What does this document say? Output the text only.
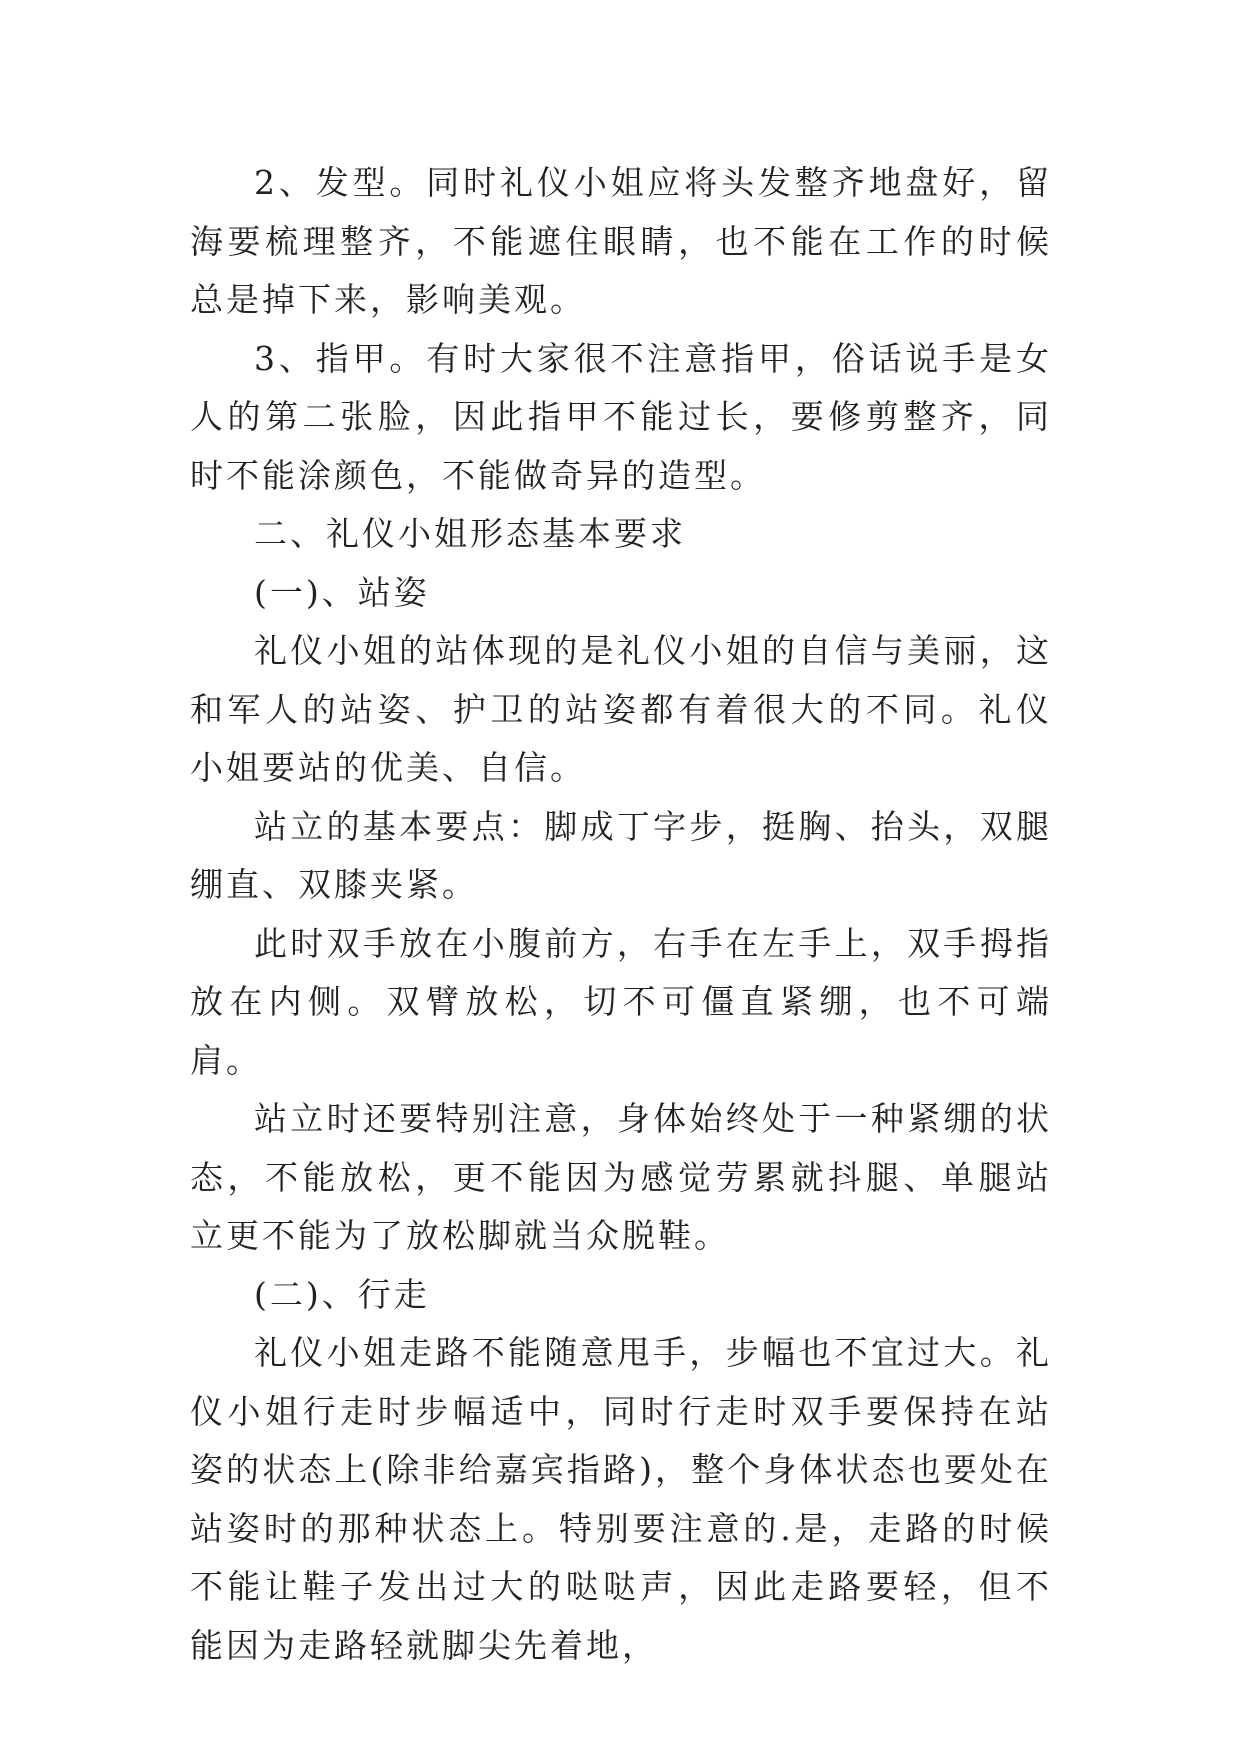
2、发型。同时礼仪小姐应将头发整齐地盘好，留海要梳理整齐，不能遮住眼睛，也不能在工作的时候总是掉下来，影响美观。

3、指甲。有时大家很不注意指甲，俗话说手是女人的第二张脸，因此指甲不能过长，要修剪整齐，同时不能涂颜色，不能做奇异的造型。

二、礼仪小姐形态基本要求

(一)、站姿

礼仪小姐的站体现的是礼仪小姐的自信与美丽，这和军人的站姿、护卫的站姿都有着很大的不同。礼仪小姐要站的优美、自信。

站立的基本要点：脚成丁字步，挺胸、抬头，双腿绷直、双膝夹紧。

此时双手放在小腹前方，右手在左手上，双手拇指放在内侧。双臂放松，切不可僵直紧绷，也不可端肩。

站立时还要特别注意，身体始终处于一种紧绷的状态，不能放松，更不能因为感觉劳累就抖腿、单腿站立更不能为了放松脚就当众脱鞋。

(二)、行走

礼仪小姐走路不能随意甩手，步幅也不宜过大。礼仪小姐行走时步幅适中，同时行走时双手要保持在站姿的状态上(除非给嘉宾指路)，整个身体状态也要处在站姿时的那种状态上。特别要注意的.是，走路的时候不能让鞋子发出过大的哒哒声，因此走路要轻，但不能因为走路轻就脚尖先着地，
